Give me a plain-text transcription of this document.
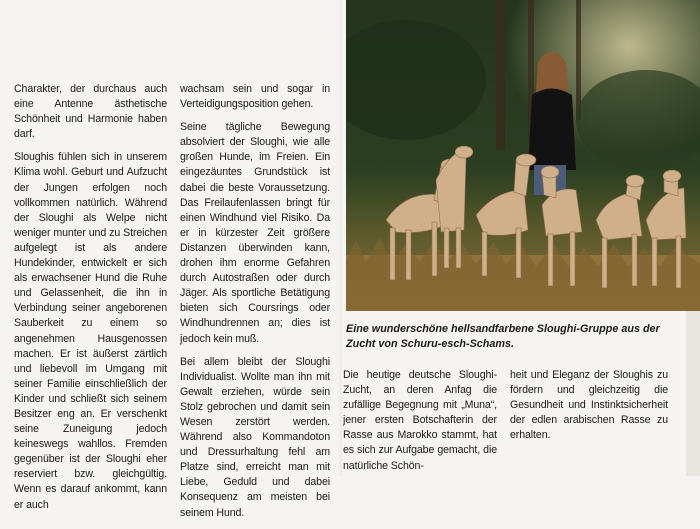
Charakter, der durchaus auch eine Antenne ästhetische Schönheit und Harmonie haben darf.

Sloughis fühlen sich in unserem Klima wohl. Geburt und Aufzucht der Jungen erfolgen noch vollkommen natürlich. Während der Sloughi als Welpe nicht weniger munter und zu Streichen aufgelegt ist als andere Hundekinder, entwickelt er sich als erwachsener Hund die Ruhe und Gelassenheit, die ihn in Verbindung seiner angeborenen Sauberkeit zu einem so angenehmen Hausgenossen machen. Er ist äußerst zärtlich und liebevoll im Umgang mit seiner Familie einschließlich der Kinder und schließt sich seinem Besitzer eng an. Er verschenkt seine Zuneigung jedoch keineswegs wahllos. Fremden gegenüber ist der Sloughi eher reserviert bzw. gleichgültig. Wenn es darauf ankommt, kann er auch

wachsam sein und sogar in Verteidigungsposition gehen.

Seine tägliche Bewegung absolviert der Sloughi, wie alle großen Hunde, im Freien. Ein eingezäuntes Grundstück ist dabei die beste Voraussetzung. Das Freilaufenlassen bringt für einen Windhund viel Risiko. Da er in kürzester Zeit größere Distanzen überwinden kann, drohen ihm enorme Gefahren durch Autostraßen oder durch Jäger. Als sportliche Betätigung bieten sich Coursrings oder Windhundrennen an; dies ist jedoch kein muß.

Bei allem bleibt der Sloughi Individualist. Wollte man ihn mit Gewalt erziehen, würde sein Stolz gebrochen und damit sein Wesen zerstört werden. Während also Kommandoton und Dressurhaltung fehl am Platze sind, erreicht man mit Liebe, Geduld und dabei Konsequenz am meisten bei seinem Hund.

Eine wunderschöne hellsandfarbene Sloughi-Gruppe aus der Zucht von Schuru-esch-Schams.

Die heutige deutsche Sloughi-Zucht, an deren Anfag die zufällige Begegnung mit „Muna“, jener ersten Botschafterin der Rasse aus Marokko stammt, hat es sich zur Aufgabe gemacht, die natürliche Schön-

heit und Eleganz der Sloughis zu fördern und gleichzeitig die Gesundheit und Instinktsicherheit der edlen arabischen Rasse zu erhalten.
